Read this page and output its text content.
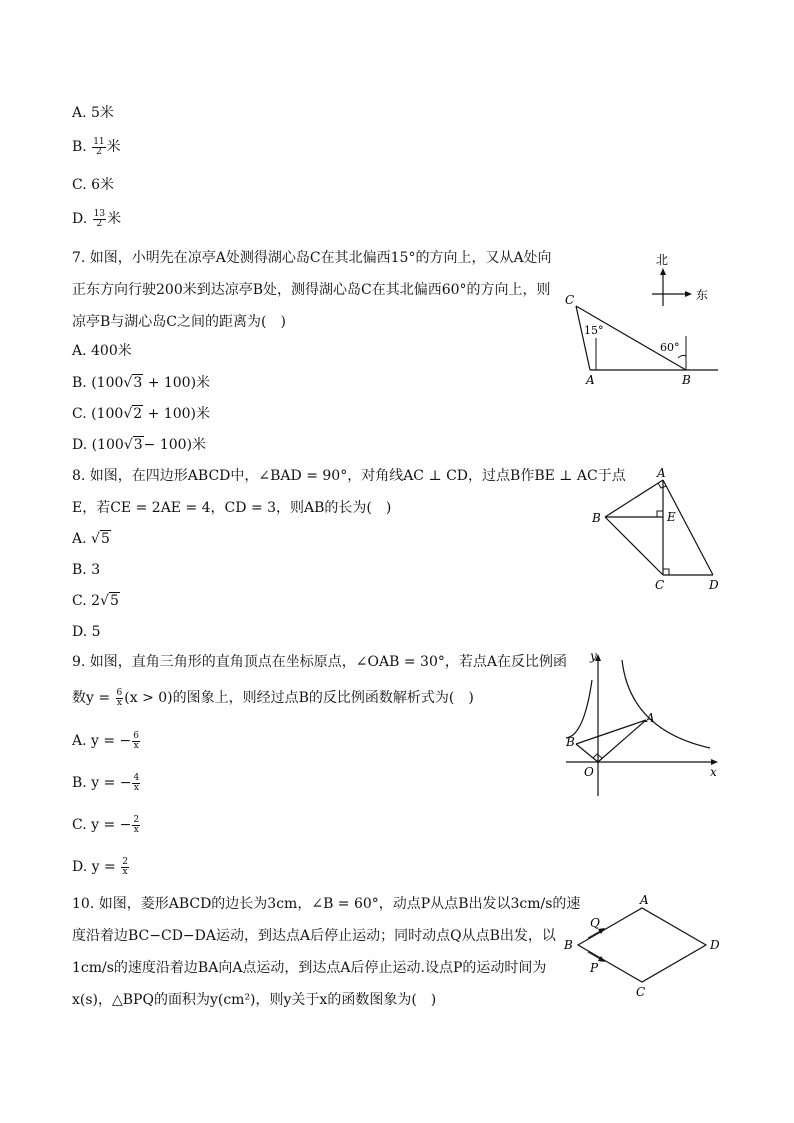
A. 5米
B. $\frac{11}{2}$ 米
C. 6米
D. $\frac{13}{2}$ 米
7. 如图，小明先在凉亭A处测得湖心岛C在其北偏西15°的方向上，又从A处向
正东方向行驶200米到达凉亭B处，测得湖心岛C在其北偏西60°的方向上，则
凉亭B与湖心岛C之间的距离为(　)
A. 400米
B. (100√3 + 100)米
C. (100√2 + 100)米
D. (100√3− 100)米
北
东
15°
60°
C
A	B
8. 如图，在四边形ABCD中，∠BAD = 90°，对角线AC ⊥ CD，过点B作BE ⊥ AC于点
E，若CE = 2AE = 4，CD = 3，则AB的长为(　)
A. √5
B. 3
C. 2√5
D. 5
A
B	E
C	D
9. 如图，直角三角形的直角顶点在坐标原点，∠OAB = 30°，若点A在反比例函
数$y = \frac{6}{x} (x > 0)$的图象上，则经过点B的反比例函数解析式为(　)
A. y = − $\frac{6}{x}$
B. y = − $\frac{4}{x}$
C. y = − $\frac{2}{x}$
D. $y = \frac{2}{x}$
y
x
O
A
B
10. 如图，菱形ABCD的边长为3cm，∠B = 60°，动点P从点B出发以3cm/s的速
度沿着边BC−CD−DA运动，到达点A后停止运动；同时动点Q从点B出发，以
1cm/s的速度沿着边BA向A点运动，到达点A后停止运动.设点P的运动时间为
x(s)，△BPQ的面积为y(cm²)，则y关于x的函数图象为(　)
A
B	D
C
Q
P
